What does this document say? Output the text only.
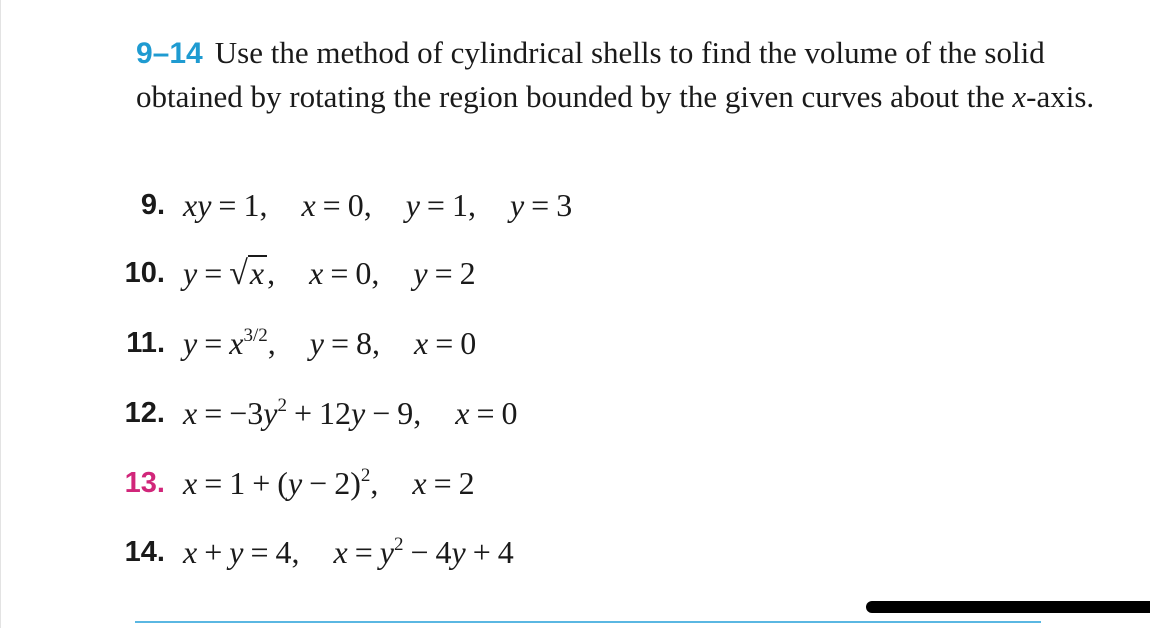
9–14 Use the method of cylindrical shells to find the volume of the solid obtained by rotating the region bounded by the given curves about the x-axis.
9. xy = 1, x = 0, y = 1, y = 3
10. y = √ x , x = 0, y = 2
11. $y = x^{3/2}$, y = 8, x = 0
12. $x = -3y^2 + 12y - 9$, x = 0
13. $x = 1 + (y - 2)^2$, x = 2
14. x + y = 4, $x = y^2 - 4y + 4$
